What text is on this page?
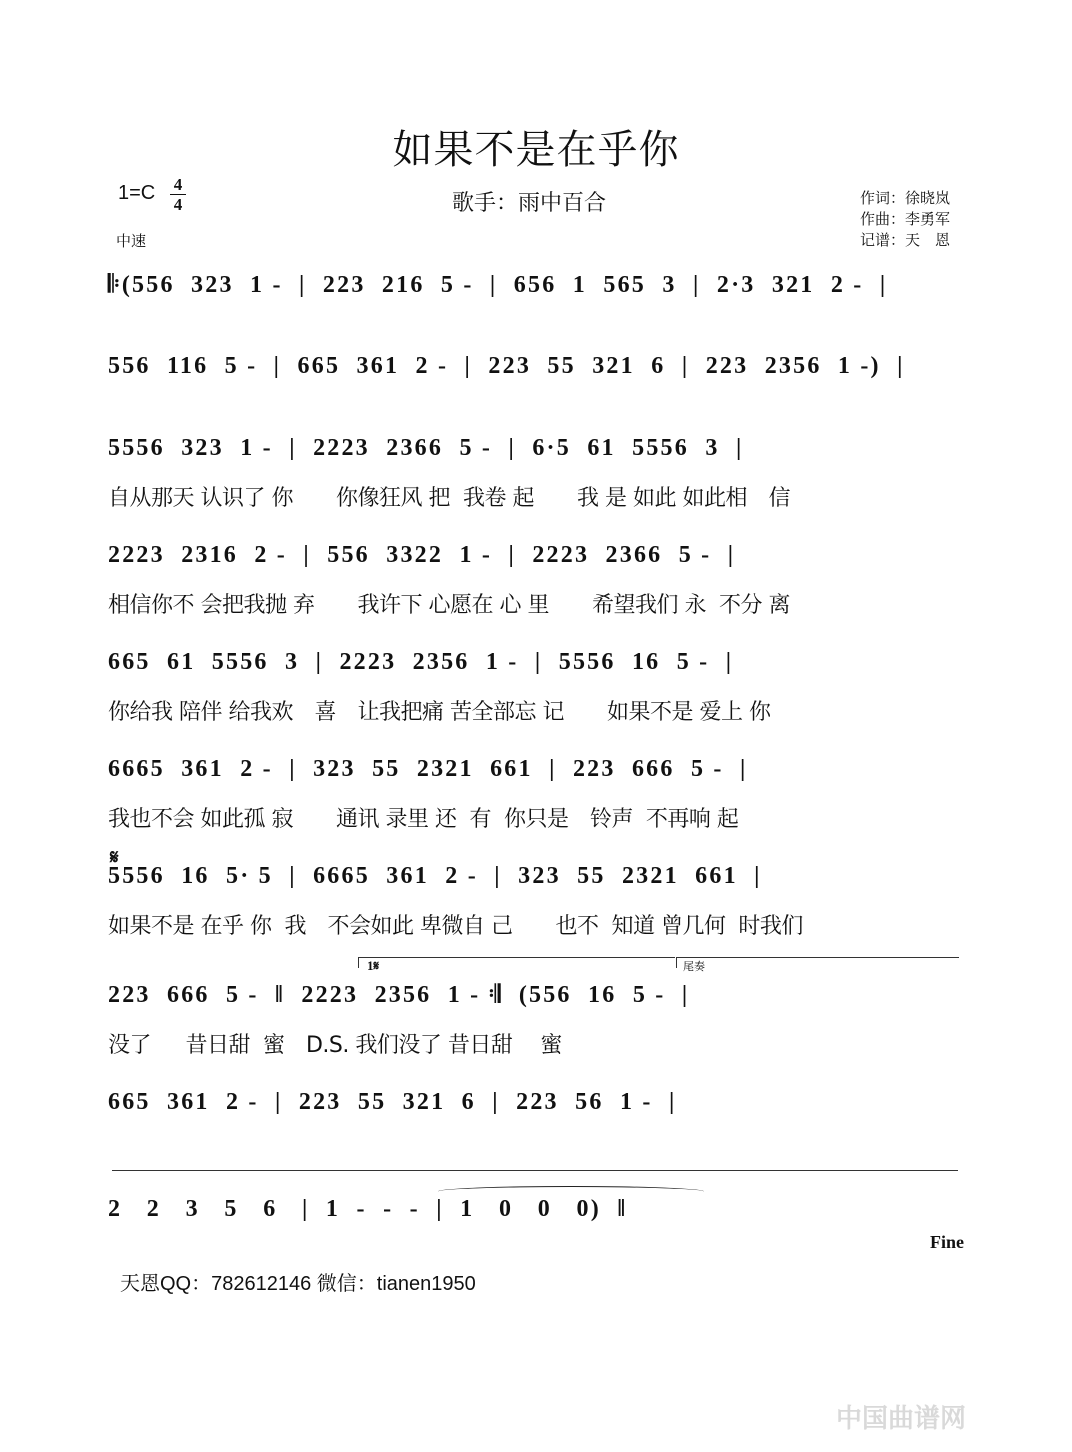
如果不是在乎你
1=C 4
4
中速
歌手：雨中百合	作词：徐晓岚
作曲：李勇军
记谱：天　恩
𝄆(556  323  1 -  |  223  216  5 -  |  656  1  565  3  |  2·3  321  2 -  |
556  116  5 -  |  665  361  2 -  |  223  55  321  6  |  223  2356  1 -)  |
5556  323  1 -  |  2223  2366  5 -  |  6·5  61  5556  3  |
自从那天 认识了 你　　你像狂风 把  我卷 起　　我 是 如此 如此相　信
2223  2316  2 -  |  556  3322  1 -  |  2223  2366  5 -  |
相信你不 会把我抛 弃　　我许下 心愿在 心 里　　希望我们 永  不分 离
665  61  5556  3  |  2223  2356  1 -  |  5556  16  5 -  |
你给我 陪伴 给我欢　喜　让我把痛 苦全部忘 记　　如果不是 爱上 你
6665  361  2 -  |  323  55  2321  661  |  223  666  5 -  |
我也不会 如此孤 寂　　通讯 录里 还  有  你只是　铃声  不再响 起
𝄋
5556  16  5· 5  |  6665  361  2 -  |  323  55  2321  661  |
如果不是 在乎 你  我　不会如此 卑微自 己　　也不  知道 曾几何  时我们
1𝄋	尾奏
223  666  5 -  ‖  2223  2356  1 - 𝄇  (556  16  5 -  |
没了　  昔日甜  蜜　D.S. 我们没了 昔日甜　 蜜
665  361  2 -  |  223  55  321  6  |  223  56  1 -  |
2   2   3   5   6   |  1  -  -  -  |  1   0   0   0)  ‖
Fine
天恩QQ：782612146 微信：tianen1950
中国曲谱网
